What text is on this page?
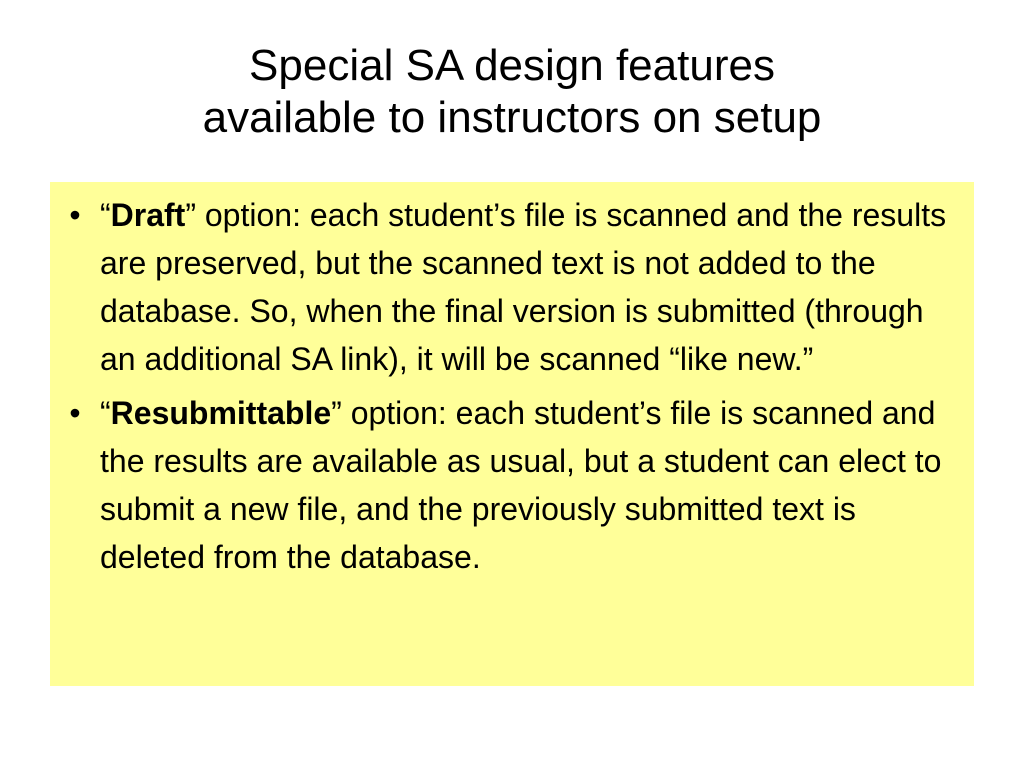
Special SA design features
available to instructors on setup
• “Draft” option: each student’s file is scanned and the results are preserved, but the scanned text is not added to the database. So, when the final version is submitted (through an additional SA link), it will be scanned “like new.”
• “Resubmittable” option: each student’s file is scanned and the results are available as usual, but a student can elect to submit a new file, and the previously submitted text is deleted from the database.
